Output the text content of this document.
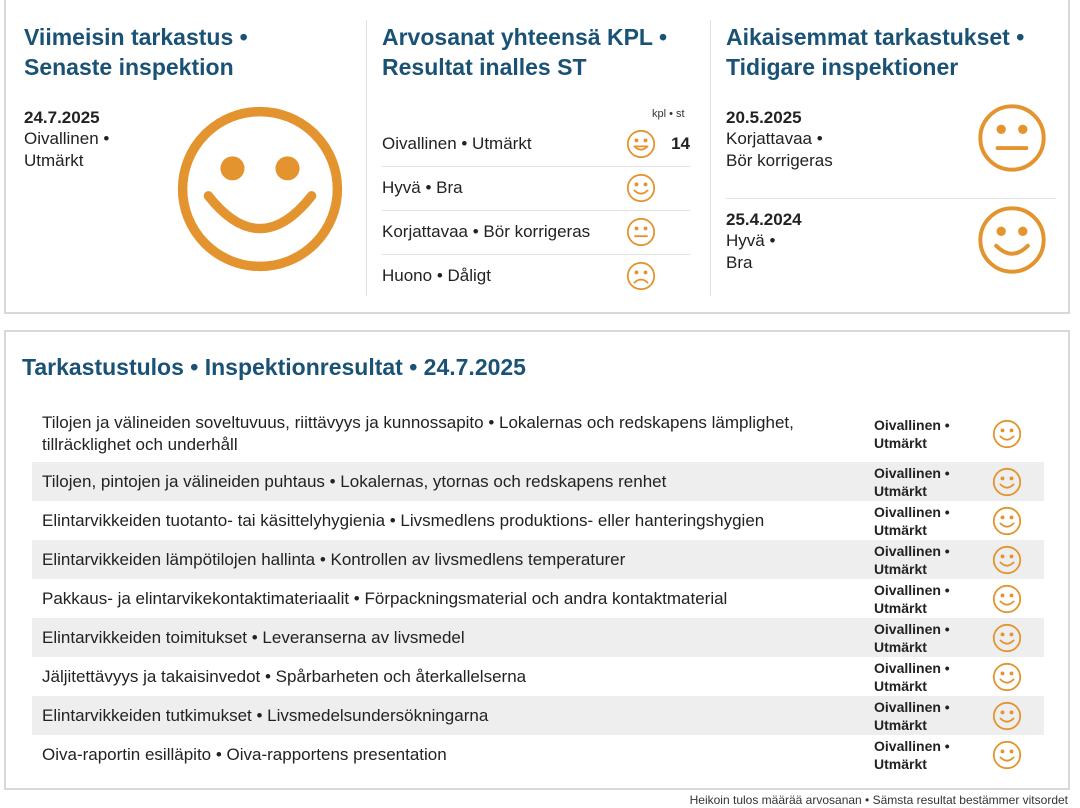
Viimeisin tarkastus •

Senaste inspektion

24.7.2025
Oivallinen •
Utmärkt

Arvosanat yhteensä KPL •

Resultat inalles ST

kpl • st
Oivallinen • Utmärkt	14
Hyvä • Bra
Korjattavaa • Bör korrigeras
Huono • Dåligt

Aikaisemmat tarkastukset •

Tidigare inspektioner

20.5.2025
Korjattavaa •
Bör korrigeras
25.4.2024
Hyvä •
Bra

Tarkastustulos • Inspektionresultat • 24.7.2025

Tilojen ja välineiden soveltuvuus, riittävyys ja kunnossapito • Lokalernas och redskapens lämplighet, tillräcklighet och underhåll
Oivallinen •
Utmärkt
Tilojen, pintojen ja välineiden puhtaus • Lokalernas, ytornas och redskapens renhet	Oivallinen •
Utmärkt
Elintarvikkeiden tuotanto- tai käsittelyhygienia • Livsmedlens produktions- eller hanteringshygien	Oivallinen •
Utmärkt
Elintarvikkeiden lämpötilojen hallinta • Kontrollen av livsmedlens temperaturer	Oivallinen •
Utmärkt
Pakkaus- ja elintarvikekontaktimateriaalit • Förpackningsmaterial och andra kontaktmaterial	Oivallinen •
Utmärkt
Elintarvikkeiden toimitukset • Leveranserna av livsmedel	Oivallinen •
Utmärkt
Jäljitettävyys ja takaisinvedot • Spårbarheten och återkallelserna	Oivallinen •
Utmärkt
Elintarvikkeiden tutkimukset • Livsmedelsundersökningarna	Oivallinen •
Utmärkt
Oiva-raportin esilläpito • Oiva-rapportens presentation	Oivallinen •
Utmärkt
Heikoin tulos määrää arvosanan • Sämsta resultat bestämmer vitsordet
